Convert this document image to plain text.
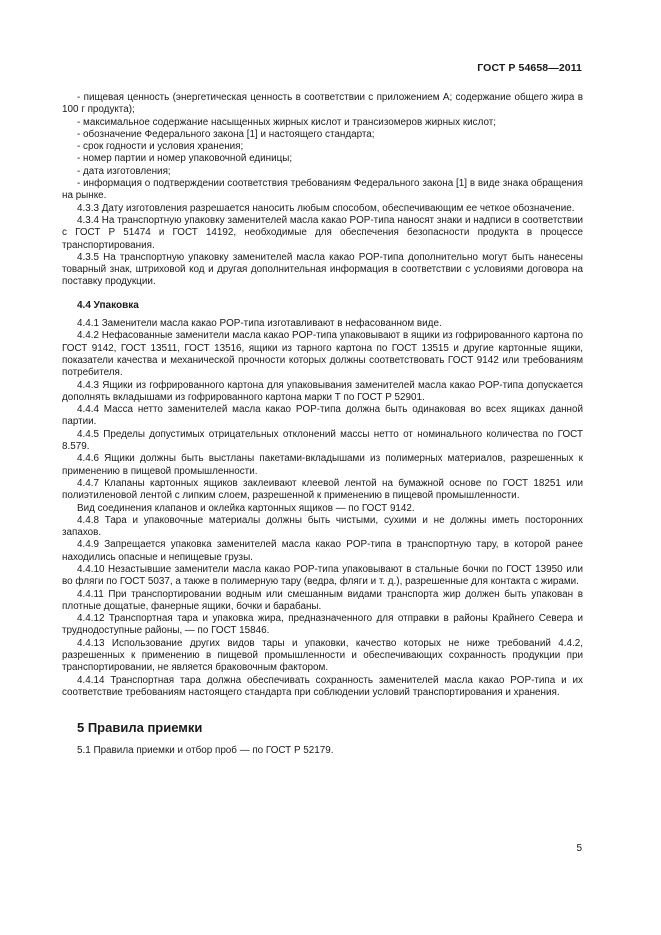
ГОСТ Р 54658—2011

- пищевая ценность (энергетическая ценность в соответствии с приложением А; содержание общего жира в 100 г продукта);

- максимальное содержание насыщенных жирных кислот и трансизомеров жирных кислот;

- обозначение Федерального закона [1] и настоящего стандарта;

- срок годности и условия хранения;

- номер партии и номер упаковочной единицы;

- дата изготовления;

- информация о подтверждении соответствия требованиям Федерального закона [1] в виде знака обращения на рынке.

4.3.3 Дату изготовления разрешается наносить любым способом, обеспечивающим ее четкое обозначение.

4.3.4 На транспортную упаковку заменителей масла какао POP-типа наносят знаки и надписи в соответствии с ГОСТ Р 51474 и ГОСТ 14192, необходимые для обеспечения безопасности продукта в процессе транспортирования.

4.3.5 На транспортную упаковку заменителей масла какао POP-типа дополнительно могут быть нанесены товарный знак, штриховой код и другая дополнительная информация в соответствии с условиями договора на поставку продукции.

4.4 Упаковка

4.4.1 Заменители масла какао POP-типа изготавливают в нефасованном виде.

4.4.2 Нефасованные заменители масла какао POP-типа упаковывают в ящики из гофрированного картона по ГОСТ 9142, ГОСТ 13511, ГОСТ 13516, ящики из тарного картона по ГОСТ 13515 и другие картонные ящики, показатели качества и механической прочности которых должны соответствовать ГОСТ 9142 или требованиям потребителя.

4.4.3 Ящики из гофрированного картона для упаковывания заменителей масла какао POP-типа допускается дополнять вкладышами из гофрированного картона марки Т по ГОСТ Р 52901.

4.4.4 Масса нетто заменителей масла какао POP-типа должна быть одинаковая во всех ящиках данной партии.

4.4.5 Пределы допустимых отрицательных отклонений массы нетто от номинального количества по ГОСТ 8.579.

4.4.6 Ящики должны быть выстланы пакетами-вкладышами из полимерных материалов, разрешенных к применению в пищевой промышленности.

4.4.7 Клапаны картонных ящиков заклеивают клеевой лентой на бумажной основе по ГОСТ 18251 или полиэтиленовой лентой с липким слоем, разрешенной к применению в пищевой промышленности.

Вид соединения клапанов и оклейка картонных ящиков — по ГОСТ 9142.

4.4.8 Тара и упаковочные материалы должны быть чистыми, сухими и не должны иметь посторонних запахов.

4.4.9 Запрещается упаковка заменителей масла какао POP-типа в транспортную тару, в которой ранее находились опасные и непищевые грузы.

4.4.10 Незастывшие заменители масла какао POP-типа упаковывают в стальные бочки по ГОСТ 13950 или во фляги по ГОСТ 5037, а также в полимерную тару (ведра, фляги и т. д.), разрешенные для контакта с жирами.

4.4.11 При транспортировании водным или смешанным видами транспорта жир должен быть упакован в плотные дощатые, фанерные ящики, бочки и барабаны.

4.4.12 Транспортная тара и упаковка жира, предназначенного для отправки в районы Крайнего Севера и труднодоступные районы, — по ГОСТ 15846.

4.4.13 Использование других видов тары и упаковки, качество которых не ниже требований 4.4.2, разрешенных к применению в пищевой промышленности и обеспечивающих сохранность продукции при транспортировании, не является браковочным фактором.

4.4.14 Транспортная тара должна обеспечивать сохранность заменителей масла какао POP-типа и их соответствие требованиям настоящего стандарта при соблюдении условий транспортирования и хранения.

5 Правила приемки

5.1 Правила приемки и отбор проб — по ГОСТ Р 52179.

5
